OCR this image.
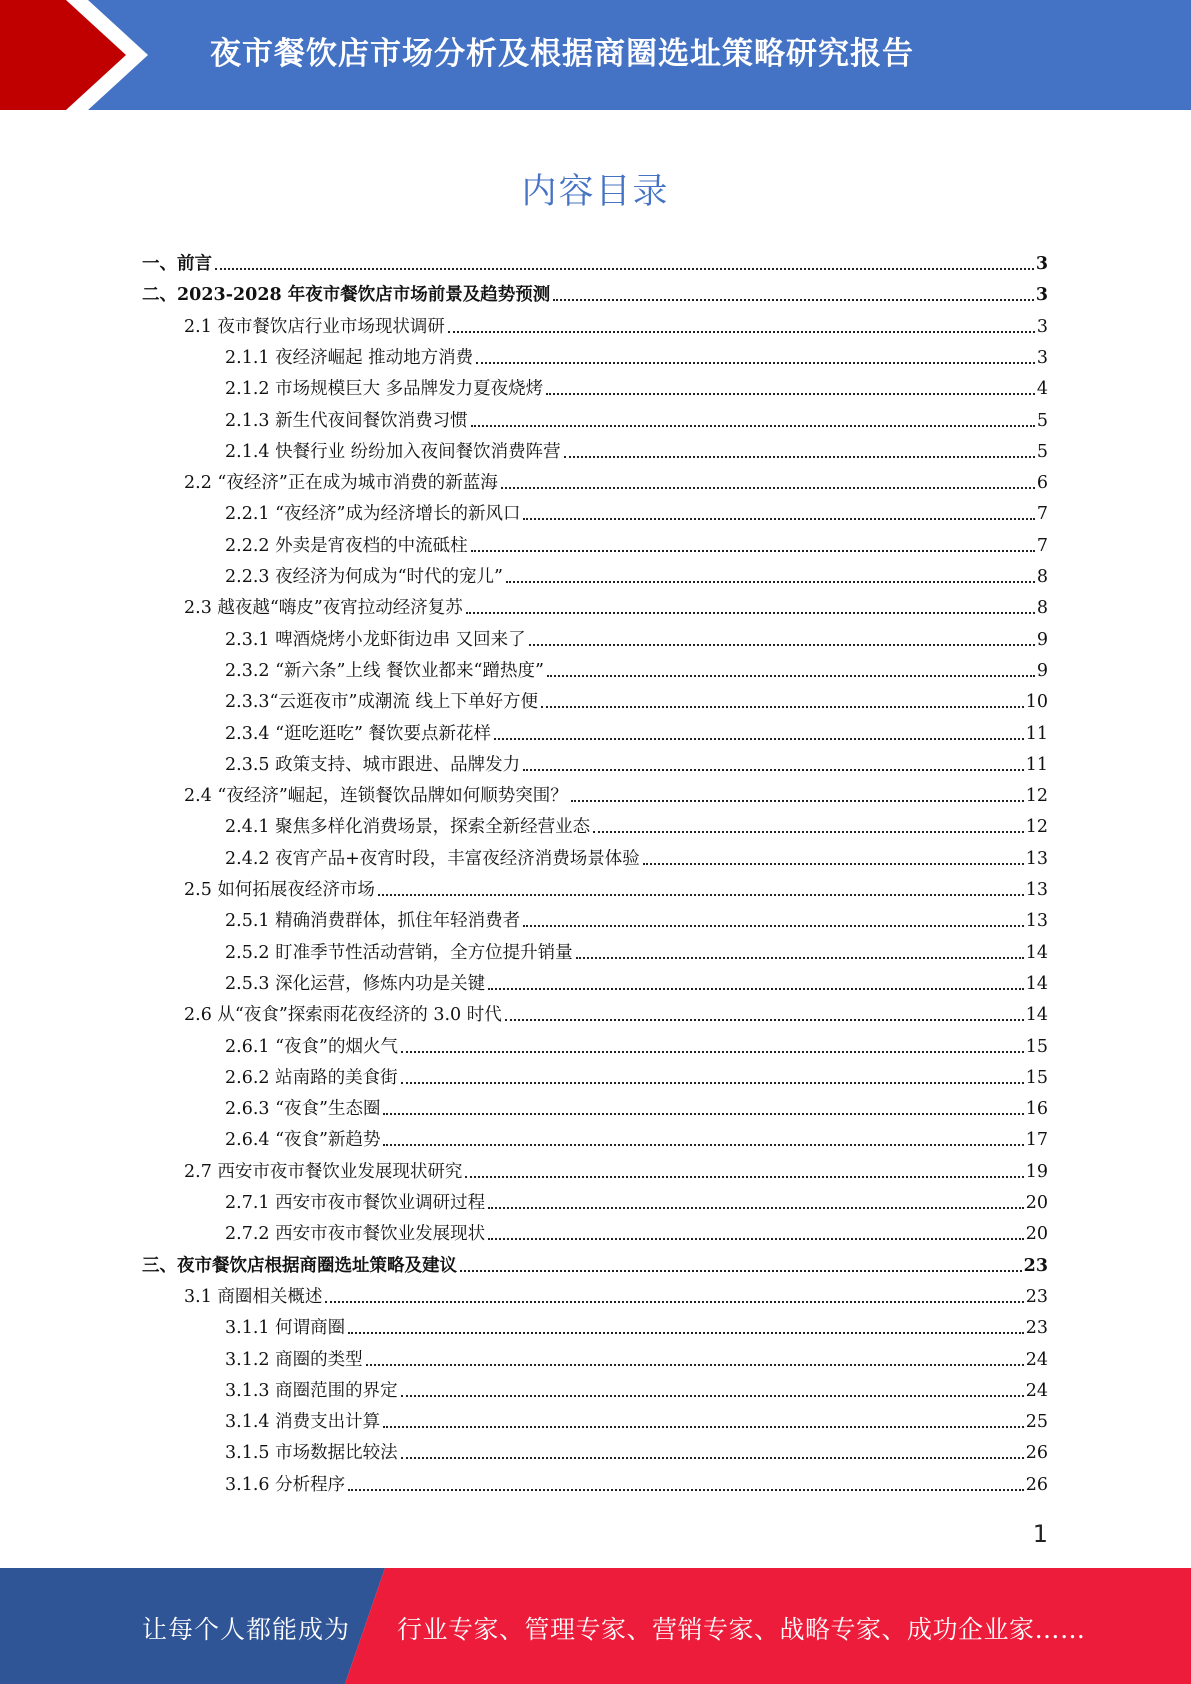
夜市餐饮店市场分析及根据商圈选址策略研究报告
内容目录
一、前言	3
二、2023-2028 年夜市餐饮店市场前景及趋势预测	3
2.1 夜市餐饮店行业市场现状调研	3
2.1.1 夜经济崛起 推动地方消费	3
2.1.2 市场规模巨大 多品牌发力夏夜烧烤	4
2.1.3 新生代夜间餐饮消费习惯	5
2.1.4 快餐行业 纷纷加入夜间餐饮消费阵营	5
2.2 “夜经济”正在成为城市消费的新蓝海	6
2.2.1 “夜经济”成为经济增长的新风口	7
2.2.2 外卖是宵夜档的中流砥柱	7
2.2.3 夜经济为何成为“时代的宠儿”	8
2.3 越夜越“嗨皮”夜宵拉动经济复苏	8
2.3.1 啤酒烧烤小龙虾街边串 又回来了	9
2.3.2 “新六条”上线 餐饮业都来“蹭热度”	9
2.3.3“云逛夜市”成潮流 线上下单好方便	10
2.3.4 “逛吃逛吃” 餐饮要点新花样	11
2.3.5 政策支持、城市跟进、品牌发力	11
2.4 “夜经济”崛起，连锁餐饮品牌如何顺势突围？	12
2.4.1 聚焦多样化消费场景，探索全新经营业态	12
2.4.2 夜宵产品+夜宵时段，丰富夜经济消费场景体验	13
2.5 如何拓展夜经济市场	13
2.5.1 精确消费群体，抓住年轻消费者	13
2.5.2 盯准季节性活动营销，全方位提升销量	14
2.5.3 深化运营，修炼内功是关键	14
2.6 从“夜食”探索雨花夜经济的 3.0 时代	14
2.6.1 “夜食”的烟火气	15
2.6.2 站南路的美食街	15
2.6.3 “夜食”生态圈	16
2.6.4 “夜食”新趋势	17
2.7 西安市夜市餐饮业发展现状研究	19
2.7.1 西安市夜市餐饮业调研过程	20
2.7.2 西安市夜市餐饮业发展现状	20
三、夜市餐饮店根据商圈选址策略及建议	23
3.1 商圈相关概述	23
3.1.1 何谓商圈	23
3.1.2 商圈的类型	24
3.1.3 商圈范围的界定	24
3.1.4 消费支出计算	25
3.1.5 市场数据比较法	26
3.1.6 分析程序	26
1
让每个人都能成为 行业专家、管理专家、营销专家、战略专家、成功企业家……
